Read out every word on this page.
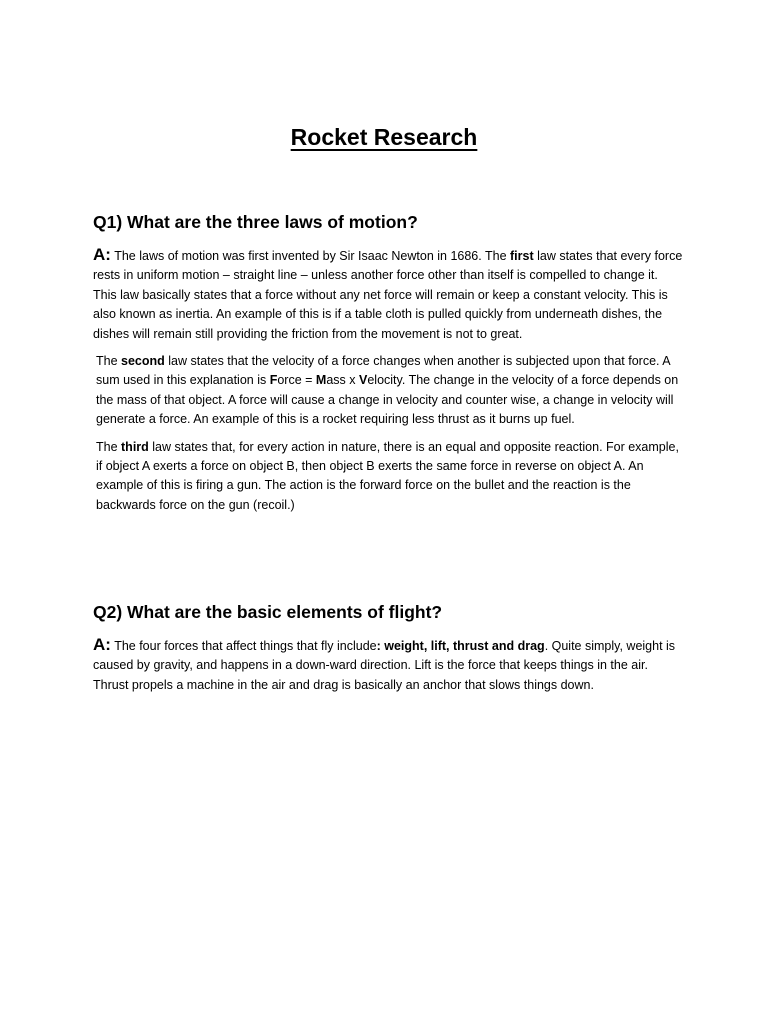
Rocket Research
Q1) What are the three laws of motion?

A: The laws of motion was first invented by Sir Isaac Newton in 1686. The first law states that every force rests in uniform motion – straight line – unless another force other than itself is compelled to change it. This law basically states that a force without any net force will remain or keep a constant velocity. This is also known as inertia. An example of this is if a table cloth is pulled quickly from underneath dishes, the dishes will remain still providing the friction from the movement is not to great.

The second law states that the velocity of a force changes when another is subjected upon that force. A sum used in this explanation is Force = Mass x Velocity. The change in the velocity of a force depends on the mass of that object. A force will cause a change in velocity and counter wise, a change in velocity will generate a force. An example of this is a rocket requiring less thrust as it burns up fuel.

The third law states that, for every action in nature, there is an equal and opposite reaction. For example, if object A exerts a force on object B, then object B exerts the same force in reverse on object A. An example of this is firing a gun. The action is the forward force on the bullet and the reaction is the backwards force on the gun (recoil.)

Q2) What are the basic elements of flight?

A: The four forces that affect things that fly include: weight, lift, thrust and drag. Quite simply, weight is caused by gravity, and happens in a down-ward direction. Lift is the force that keeps things in the air. Thrust propels a machine in the air and drag is basically an anchor that slows things down.
